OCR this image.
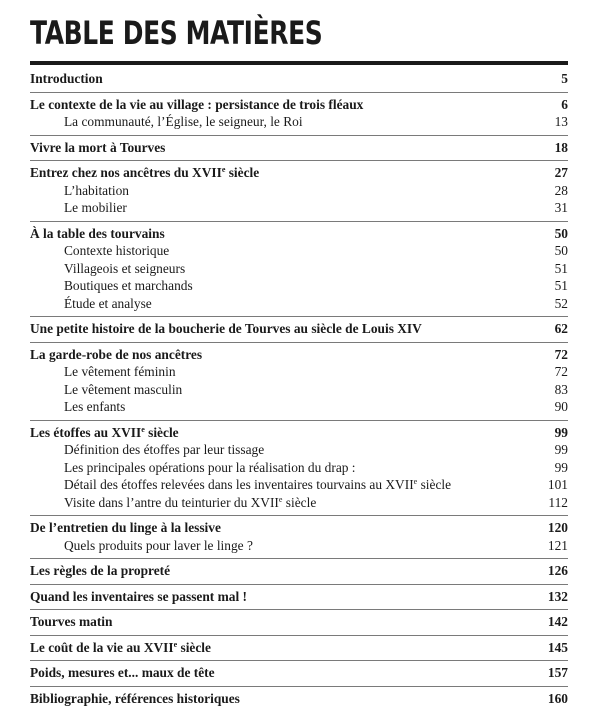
TABLE DES MATIÈRES
Introduction	5
Le contexte de la vie au village : persistance de trois fléaux	6
La communauté, l’Église, le seigneur, le Roi	13
Vivre la mort à Tourves	18
Entrez chez nos ancêtres du XVIIe siècle	27
L’habitation	28
Le mobilier	31
À la table des tourvains	50
Contexte historique	50
Villageois et seigneurs	51
Boutiques et marchands	51
Étude et analyse	52
Une petite histoire de la boucherie de Tourves au siècle de Louis XIV	62
La garde-robe de nos ancêtres	72
Le vêtement féminin	72
Le vêtement masculin	83
Les enfants	90
Les étoffes au XVIIe siècle	99
Définition des étoffes par leur tissage	99
Les principales opérations pour la réalisation du drap :	99
Détail des étoffes relevées dans les inventaires tourvains au XVIIe siècle	101
Visite dans l’antre du teinturier du XVIIe siècle	112
De l’entretien du linge à la lessive	120
Quels produits pour laver le linge ?	121
Les règles de la propreté	126
Quand les inventaires se passent mal !	132
Tourves matin	142
Le coût de la vie au XVIIe siècle	145
Poids, mesures et... maux de tête	157
Bibliographie, références historiques	160
